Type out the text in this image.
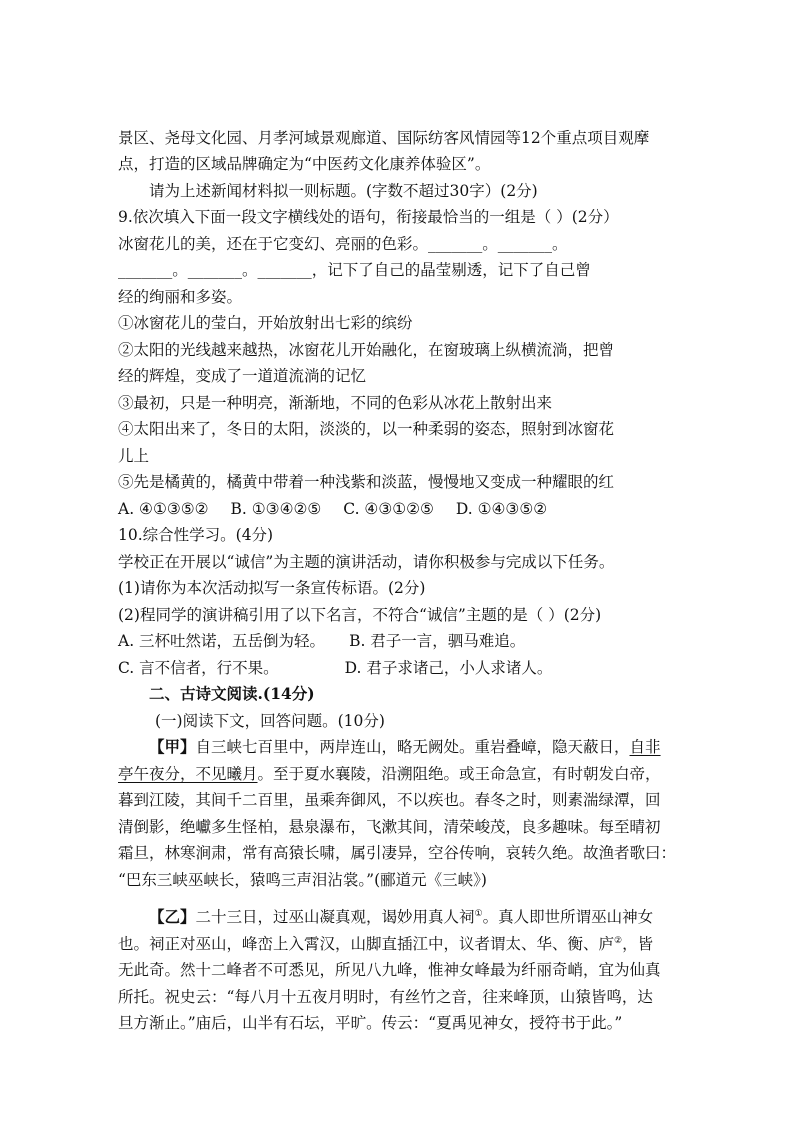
景区、尧母文化园、月孝河域景观廊道、国际纺客风情园等12个重点项目观摩
点，打造的区域品牌确定为“中医药文化康养体验区”。
请为上述新闻材料拟一则标题。(字数不超过30字）(2分)
9.依次填入下面一段文字横线处的语句，衔接最恰当的一组是（ ）(2分）
冰窗花儿的美，还在于它变幻、亮丽的色彩。_______。_______。
_______。_______。_______，记下了自己的晶莹剔透，记下了自己曾
经的绚丽和多姿。
①冰窗花儿的莹白，开始放射出七彩的缤纷
②太阳的光线越来越热，冰窗花儿开始融化，在窗玻璃上纵横流淌，把曾
经的辉煌，变成了一道道流淌的记忆
③最初，只是一种明亮，渐渐地，不同的色彩从冰花上散射出来
④太阳出来了，冬日的太阳，淡淡的，以一种柔弱的姿态，照射到冰窗花
儿上
⑤先是橘黄的，橘黄中带着一种浅紫和淡蓝，慢慢地又变成一种耀眼的红
A. ④①③⑤② B. ①③④②⑤ C. ④③①②⑤ D. ①④③⑤②
10.综合性学习。(4分)
学校正在开展以“诚信”为主题的演讲活动，请你积极参与完成以下任务。
(1)请你为本次活动拟写一条宣传标语。(2分)
(2)程同学的演讲稿引用了以下名言，不符合“诚信”主题的是（ ）(2分)
A. 三杯吐然诺，五岳倒为轻。 B. 君子一言，驷马难追。
C. 言不信者，行不果。	D. 君子求诸己，小人求诸人。
二、古诗文阅读.(14分)
(一)阅读下文，回答问题。(10分)
【甲】自三峡七百里中，两岸连山，略无阙处。重岩叠嶂，隐天蔽日，自非
亭午夜分，不见曦月。至于夏水襄陵，沿溯阻绝。或王命急宣，有时朝发白帝，
暮到江陵，其间千二百里，虽乘奔御风，不以疾也。春冬之时，则素湍绿潭，回
清倒影，绝巘多生怪柏，悬泉瀑布，飞漱其间，清荣峻茂，良多趣味。每至晴初
霜旦，林寒涧肃，常有高猿长啸，属引凄异，空谷传响，哀转久绝。故渔者歌曰：
“巴东三峡巫峡长，猿鸣三声泪沾裳。”(郦道元《三峡》)
【乙】二十三日，过巫山凝真观，谒妙用真人祠①。真人即世所谓巫山神女
也。祠正对巫山，峰峦上入霄汉，山脚直插江中，议者谓太、华、衡、庐②，皆
无此奇。然十二峰者不可悉见，所见八九峰，惟神女峰最为纤丽奇峭，宜为仙真
所托。祝史云：“每八月十五夜月明时，有丝竹之音，往来峰顶，山猿皆鸣，达
旦方渐止。”庙后，山半有石坛，平旷。传云：“夏禹见神女，授符书于此。”
